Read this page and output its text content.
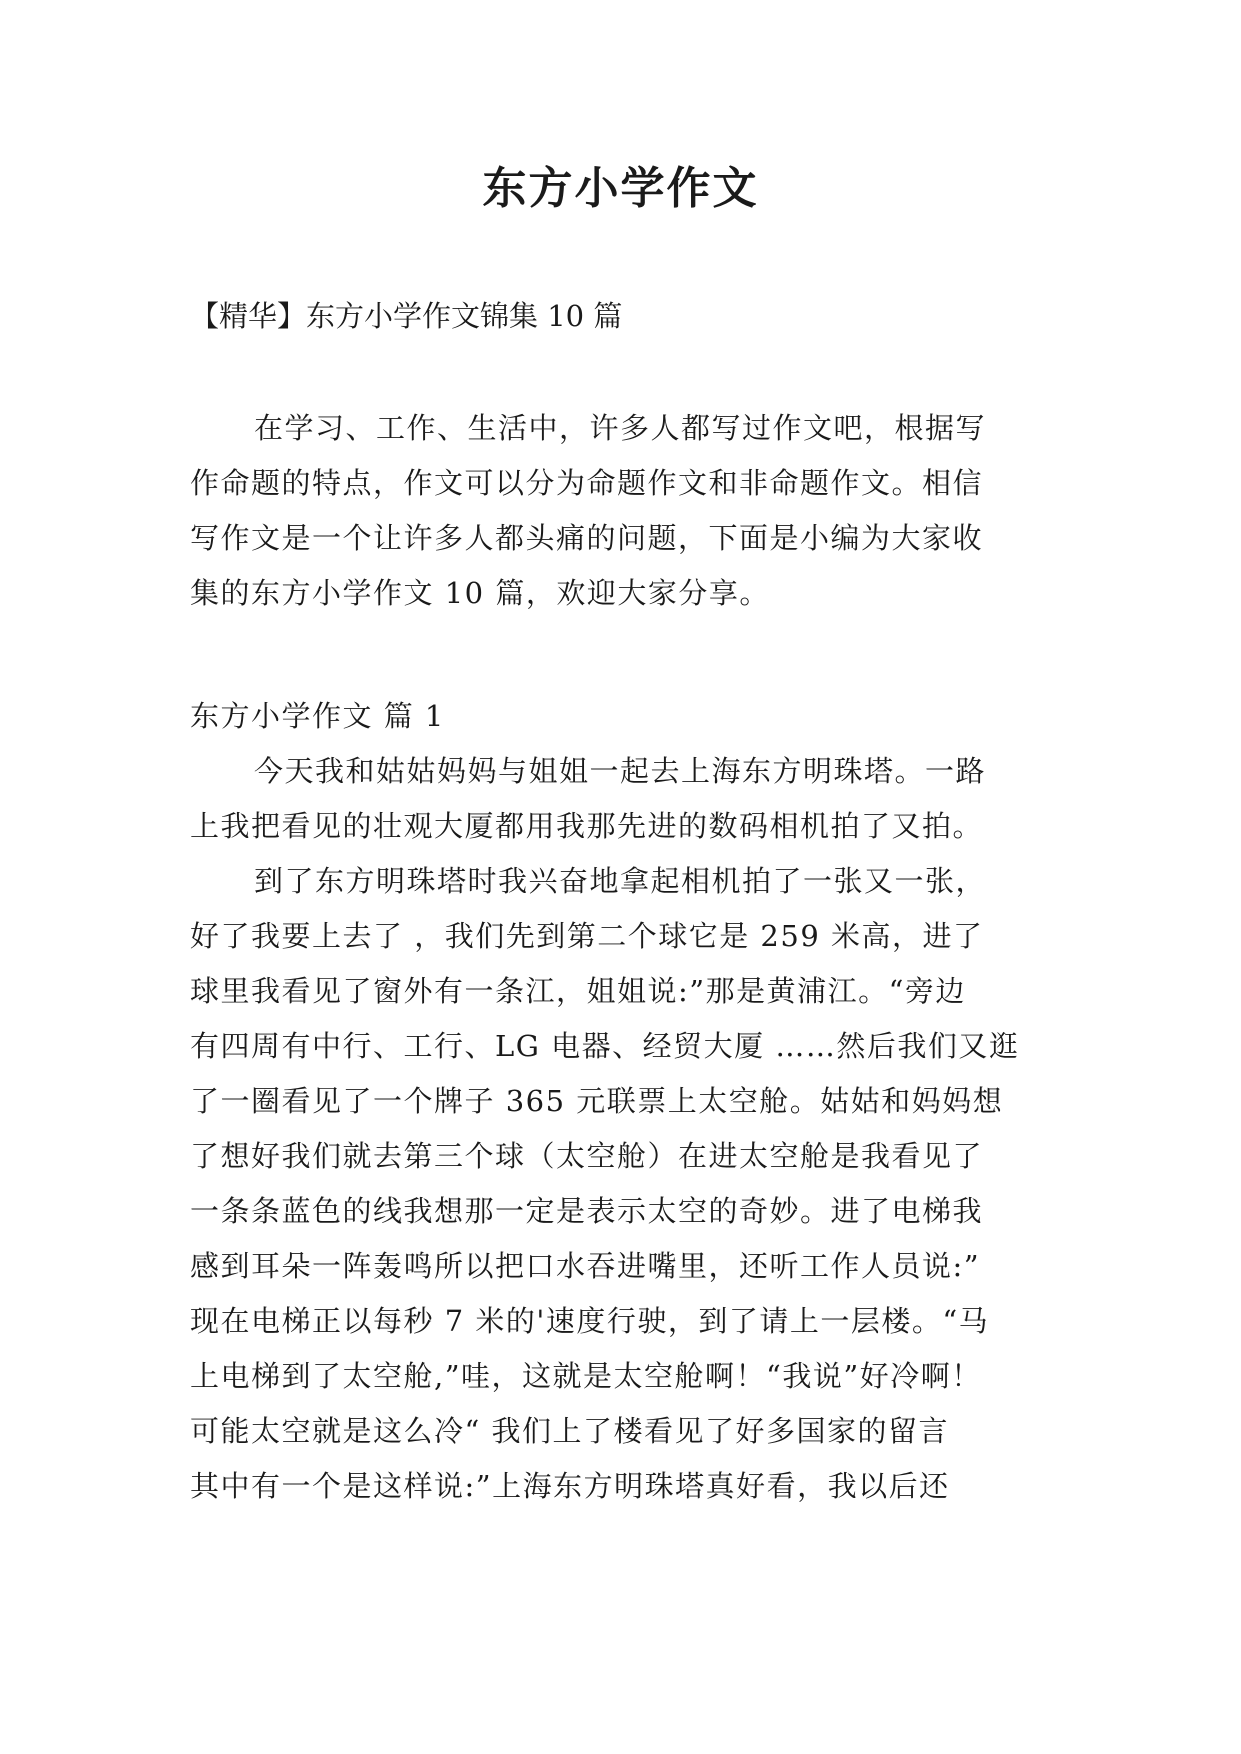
东方小学作文

【精华】东方小学作文锦集 10 篇

在学习、工作、生活中，许多人都写过作文吧，根据写

作命题的特点，作文可以分为命题作文和非命题作文。相信

写作文是一个让许多人都头痛的问题，下面是小编为大家收

集的东方小学作文 10 篇，欢迎大家分享。

东方小学作文 篇 1

今天我和姑姑妈妈与姐姐一起去上海东方明珠塔。一路

上我把看见的壮观大厦都用我那先进的数码相机拍了又拍。

到了东方明珠塔时我兴奋地拿起相机拍了一张又一张，

好了我要上去了 ，我们先到第二个球它是 259 米高，进了

球里我看见了窗外有一条江，姐姐说:”那是黄浦江。“旁边

有四周有中行、工行、LG 电器、经贸大厦 ……然后我们又逛

了一圈看见了一个牌子 365 元联票上太空舱。姑姑和妈妈想

了想好我们就去第三个球（太空舱）在进太空舱是我看见了

一条条蓝色的线我想那一定是表示太空的奇妙。进了电梯我

感到耳朵一阵轰鸣所以把口水吞进嘴里，还听工作人员说:”

现在电梯正以每秒 7 米的'速度行驶，到了请上一层楼。“马

上电梯到了太空舱,”哇，这就是太空舱啊！“我说”好冷啊！

可能太空就是这么冷“ 我们上了楼看见了好多国家的留言

其中有一个是这样说:”上海东方明珠塔真好看，我以后还
